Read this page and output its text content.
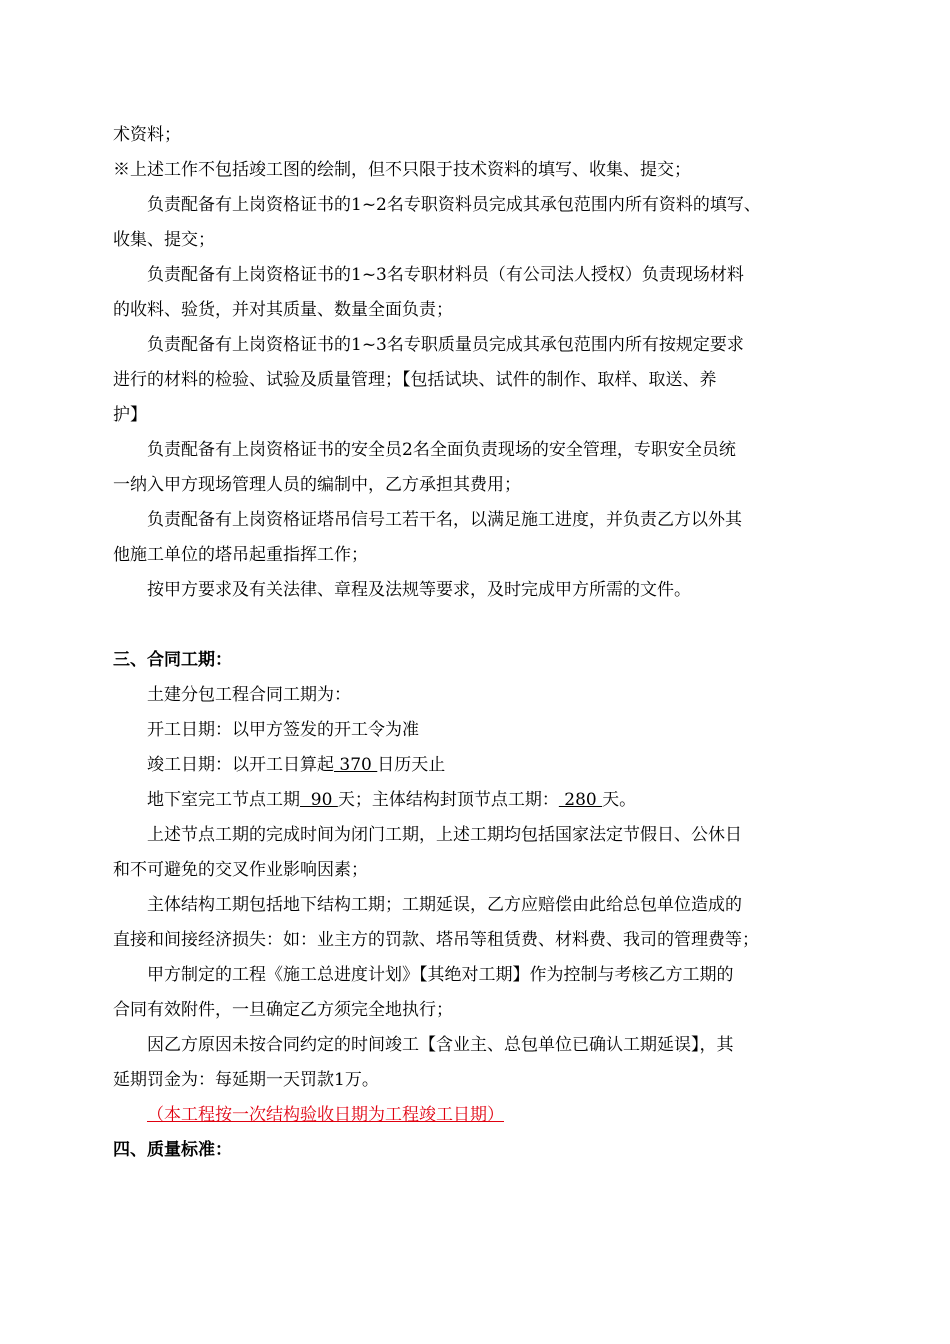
术资料；

※上述工作不包括竣工图的绘制，但不只限于技术资料的填写、收集、提交；

负责配备有上岗资格证书的1~2名专职资料员完成其承包范围内所有资料的填写、

收集、提交；

负责配备有上岗资格证书的1~3名专职材料员（有公司法人授权）负责现场材料

的收料、验货，并对其质量、数量全面负责；

负责配备有上岗资格证书的1~3名专职质量员完成其承包范围内所有按规定要求

进行的材料的检验、试验及质量管理；【包括试块、试件的制作、取样、取送、养

护】

负责配备有上岗资格证书的安全员2名全面负责现场的安全管理，专职安全员统

一纳入甲方现场管理人员的编制中，乙方承担其费用；

负责配备有上岗资格证塔吊信号工若干名，以满足施工进度，并负责乙方以外其

他施工单位的塔吊起重指挥工作；

按甲方要求及有关法律、章程及法规等要求，及时完成甲方所需的文件。

三、合同工期：

土建分包工程合同工期为：

开工日期：以甲方签发的开工令为准

竣工日期：以开工日算起 370 日历天止

地下室完工节点工期  90 天；主体结构封顶节点工期： 280 天。

上述节点工期的完成时间为闭门工期，上述工期均包括国家法定节假日、公休日

和不可避免的交叉作业影响因素；

主体结构工期包括地下结构工期；工期延误，乙方应赔偿由此给总包单位造成的

直接和间接经济损失：如：业主方的罚款、塔吊等租赁费、材料费、我司的管理费等；

甲方制定的工程《施工总进度计划》【其绝对工期】作为控制与考核乙方工期的

合同有效附件，一旦确定乙方须完全地执行；

因乙方原因未按合同约定的时间竣工【含业主、总包单位已确认工期延误】，其

延期罚金为：每延期一天罚款1万。

（本工程按一次结构验收日期为工程竣工日期）

四、质量标准：
